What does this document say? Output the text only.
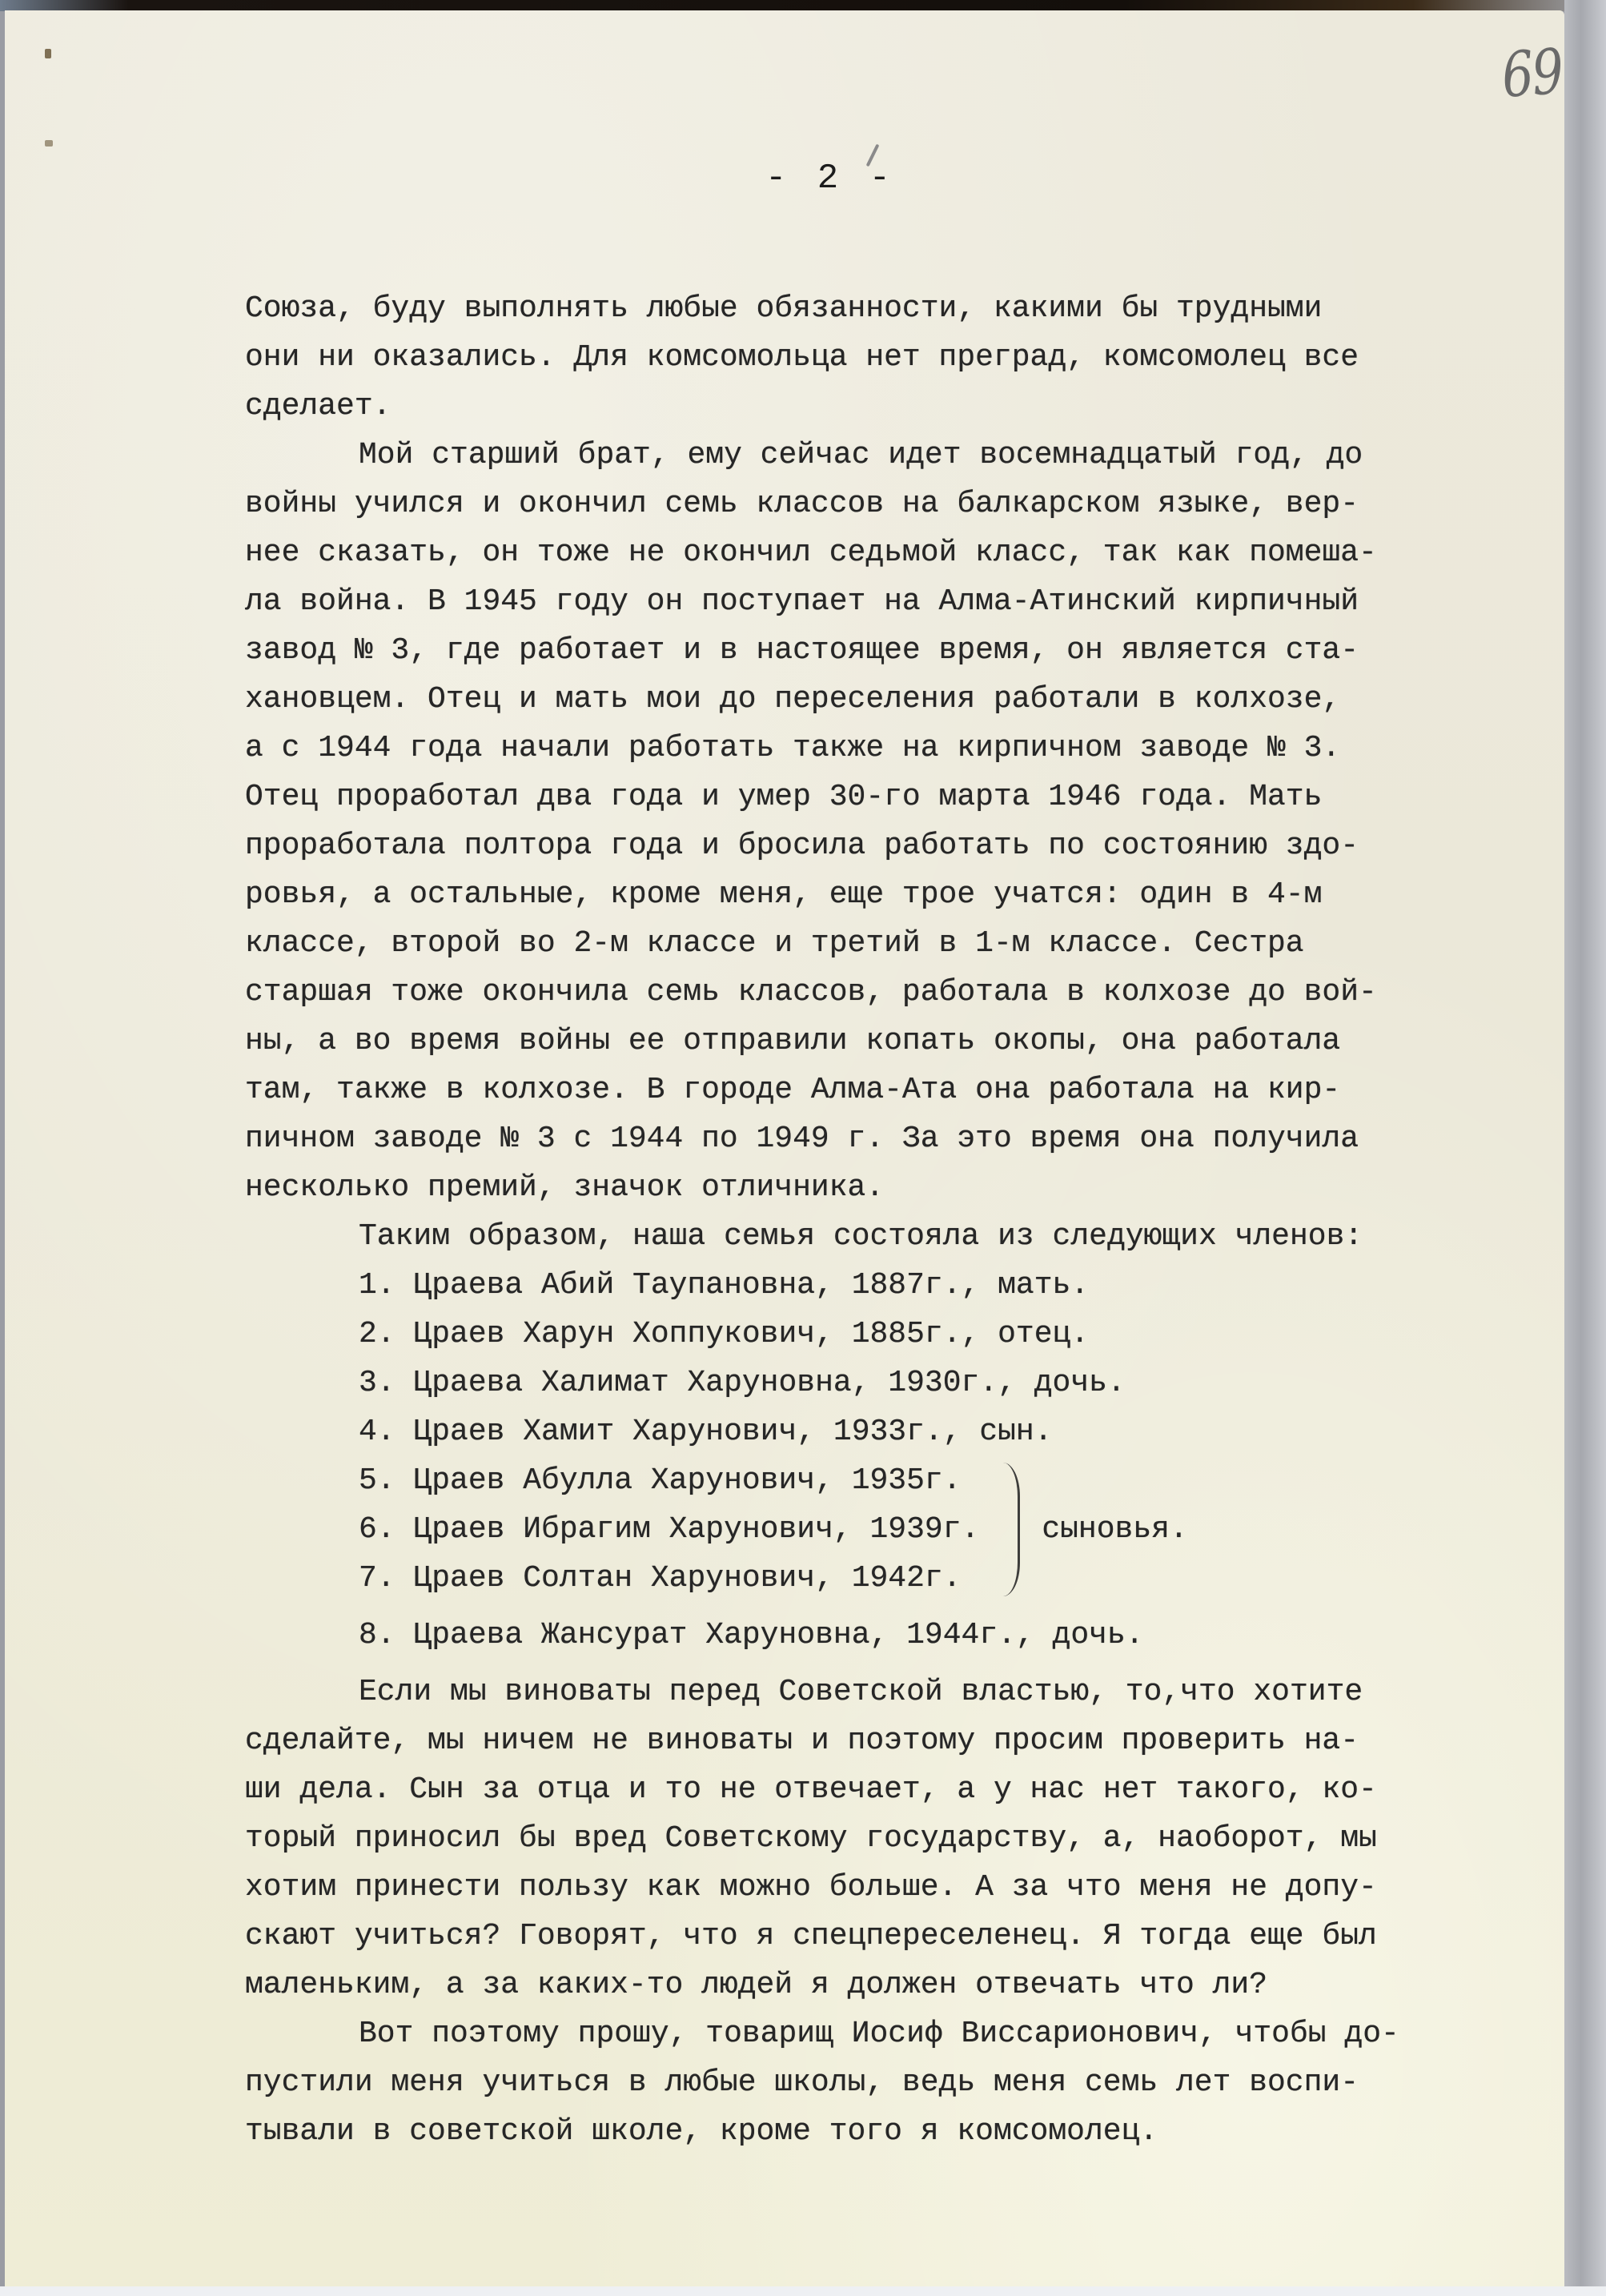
69
- 2 -
Союза, буду выполнять любые обязанности, какими бы трудными
они ни оказались. Для комсомольца нет преград, комсомолец все
сделает.
Мой старший брат, ему сейчас идет восемнадцатый год, до
войны учился и окончил семь классов на балкарском языке, вер-
нее сказать, он тоже не окончил седьмой класс, так как помеша-
ла война. В 1945 году он поступает на Алма-Атинский кирпичный
завод № 3, где работает и в настоящее время, он является ста-
хановцем. Отец и мать мои до переселения работали в колхозе,
а с 1944 года начали работать также на кирпичном заводе № 3.
Отец проработал два года и умер 30-го марта 1946 года. Мать
проработала полтора года и бросила работать по состоянию здо-
ровья, а остальные, кроме меня, еще трое учатся: один в 4-м
классе, второй во 2-м классе и третий в 1-м классе. Сестра
старшая тоже окончила семь классов, работала в колхозе до вой-
ны, а во время войны ее отправили копать окопы, она работала
там, также в колхозе. В городе Алма-Ата она работала на кир-
пичном заводе № 3 с 1944 по 1949 г. За это время она получила
несколько премий, значок отличника.
Таким образом, наша семья состояла из следующих членов:
1. Цраева Абий Таупановна, 1887г., мать.
2. Цраев Харун Хоппукович, 1885г., отец.
3. Цраева Халимат Харуновна, 1930г., дочь.
4. Цраев Хамит Харунович, 1933г., сын.
5. Цраев Абулла Харунович, 1935г.
6. Цраев Ибрагим Харунович, 1939г.
7. Цраев Солтан Харунович, 1942г.
сыновья.
8. Цраева Жансурат Харуновна, 1944г., дочь.
Если мы виноваты перед Советской властью, то,что хотите
сделайте, мы ничем не виноваты и поэтому просим проверить на-
ши дела. Сын за отца и то не отвечает, а у нас нет такого, ко-
торый приносил бы вред Советскому государству, а, наоборот, мы
хотим принести пользу как можно больше. А за что меня не допу-
скают учиться? Говорят, что я спецпереселенец. Я тогда еще был
маленьким, а за каких-то людей я должен отвечать что ли?
Вот поэтому прошу, товарищ Иосиф Виссарионович, чтобы до-
пустили меня учиться в любые школы, ведь меня семь лет воспи-
тывали в советской школе, кроме того я комсомолец.
